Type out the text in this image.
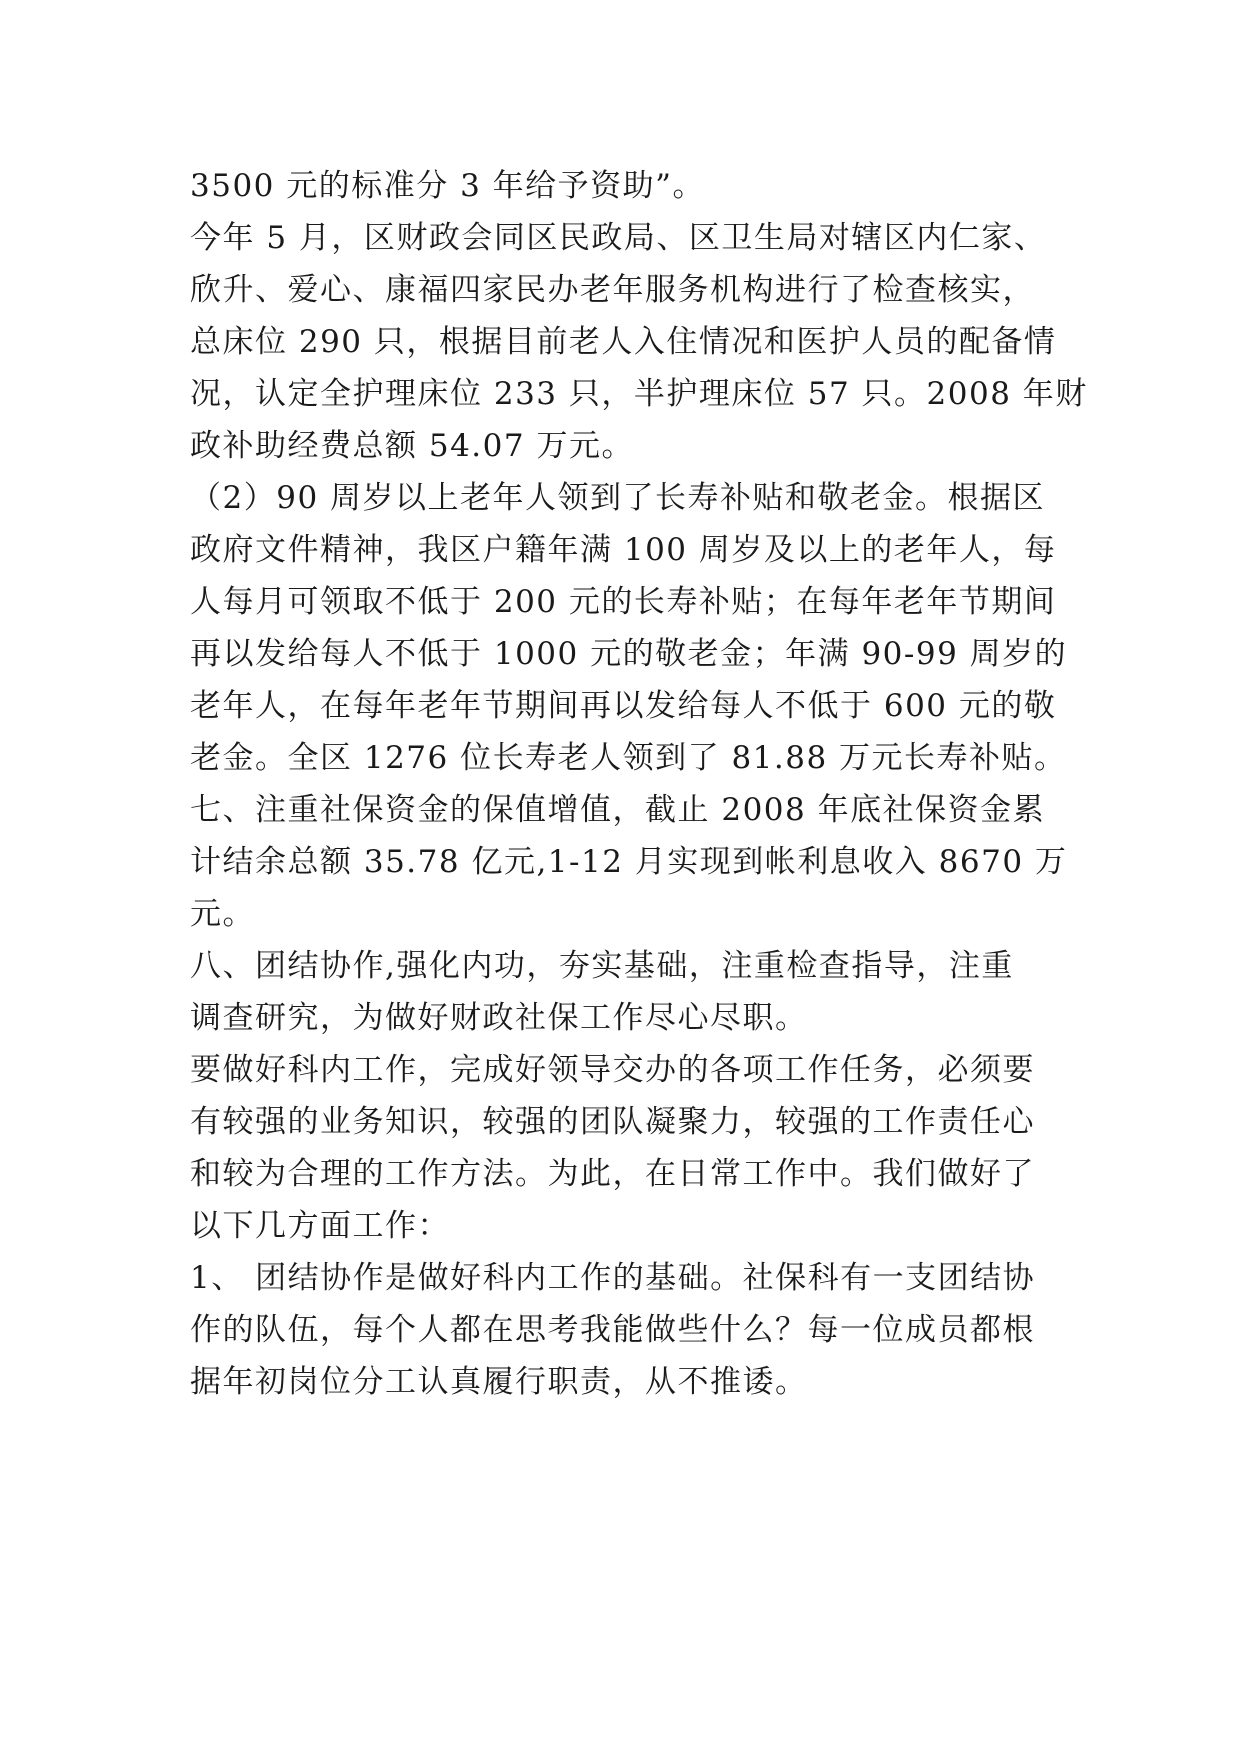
3500 元的标准分 3 年给予资助”。
今年 5 月，区财政会同区民政局、区卫生局对辖区内仁家、
欣升、爱心、康福四家民办老年服务机构进行了检查核实，
总床位 290 只，根据目前老人入住情况和医护人员的配备情
况，认定全护理床位 233 只，半护理床位 57 只。2008 年财
政补助经费总额 54.07 万元。
（2）90 周岁以上老年人领到了长寿补贴和敬老金。根据区
政府文件精神，我区户籍年满 100 周岁及以上的老年人，每
人每月可领取不低于 200 元的长寿补贴；在每年老年节期间
再以发给每人不低于 1000 元的敬老金；年满 90-99 周岁的
老年人，在每年老年节期间再以发给每人不低于 600 元的敬
老金。全区 1276 位长寿老人领到了 81.88 万元长寿补贴。
七、注重社保资金的保值增值，截止 2008 年底社保资金累
计结余总额 35.78 亿元,1-12 月实现到帐利息收入 8670 万
元。
八、团结协作,强化内功，夯实基础，注重检查指导，注重
调查研究，为做好财政社保工作尽心尽职。
要做好科内工作，完成好领导交办的各项工作任务，必须要
有较强的业务知识，较强的团队凝聚力，较强的工作责任心
和较为合理的工作方法。为此，在日常工作中。我们做好了
以下几方面工作：
1、 团结协作是做好科内工作的基础。社保科有一支团结协
作的队伍，每个人都在思考我能做些什么？每一位成员都根
据年初岗位分工认真履行职责，从不推诿。
